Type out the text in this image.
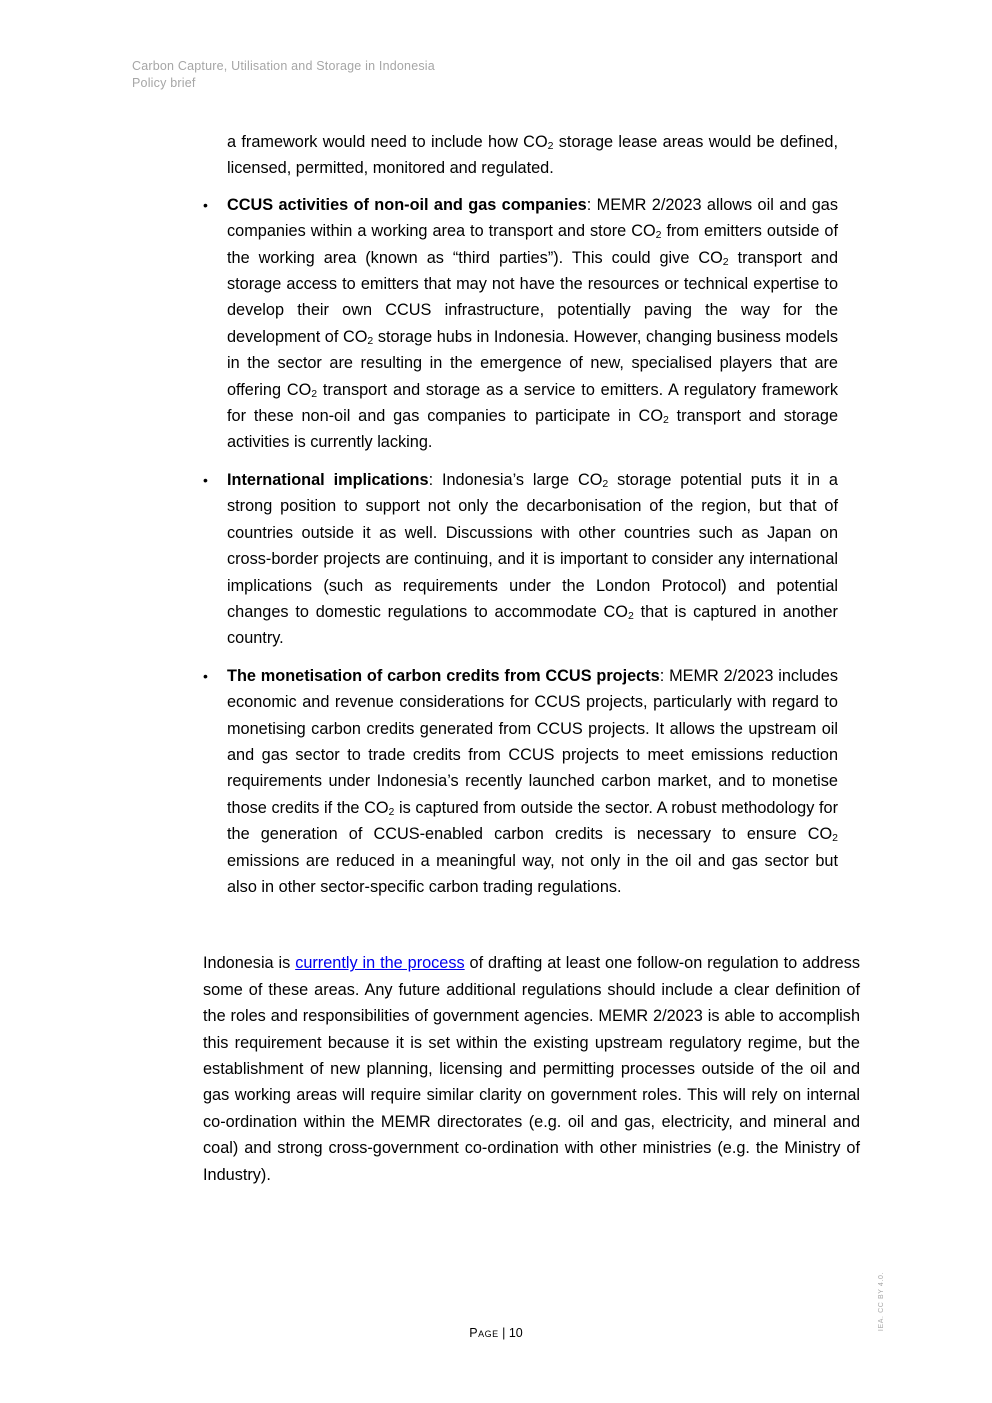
Carbon Capture, Utilisation and Storage in Indonesia
Policy brief

a framework would need to include how $CO_2$ storage lease areas would be defined, licensed, permitted, monitored and regulated.

• CCUS activities of non-oil and gas companies: MEMR 2/2023 allows oil and gas companies within a working area to transport and store $CO_2$ from emitters outside of the working area (known as “third parties”). This could give $CO_2$ transport and storage access to emitters that may not have the resources or technical expertise to develop their own CCUS infrastructure, potentially paving the way for the development of $CO_2$ storage hubs in Indonesia. However, changing business models in the sector are resulting in the emergence of new, specialised players that are offering $CO_2$ transport and storage as a service to emitters. A regulatory framework for these non-oil and gas companies to participate in $CO_2$ transport and storage activities is currently lacking.
• International implications: Indonesia’s large $CO_2$ storage potential puts it in a strong position to support not only the decarbonisation of the region, but that of countries outside it as well. Discussions with other countries such as Japan on cross-border projects are continuing, and it is important to consider any international implications (such as requirements under the London Protocol) and potential changes to domestic regulations to accommodate $CO_2$ that is captured in another country.
• The monetisation of carbon credits from CCUS projects: MEMR 2/2023 includes economic and revenue considerations for CCUS projects, particularly with regard to monetising carbon credits generated from CCUS projects. It allows the upstream oil and gas sector to trade credits from CCUS projects to meet emissions reduction requirements under Indonesia’s recently launched carbon market, and to monetise those credits if the $CO_2$ is captured from outside the sector. A robust methodology for the generation of CCUS-enabled carbon credits is necessary to ensure $CO_2$ emissions are reduced in a meaningful way, not only in the oil and gas sector but also in other sector-specific carbon trading regulations.

Indonesia is currently in the process of drafting at least one follow-on regulation to address some of these areas. Any future additional regulations should include a clear definition of the roles and responsibilities of government agencies. MEMR 2/2023 is able to accomplish this requirement because it is set within the existing upstream regulatory regime, but the establishment of new planning, licensing and permitting processes outside of the oil and gas working areas will require similar clarity on government roles. This will rely on internal co-ordination within the MEMR directorates (e.g. oil and gas, electricity, and mineral and coal) and strong cross-government co-ordination with other ministries (e.g. the Ministry of Industry).

Page | 10
IEA. CC BY 4.0.
